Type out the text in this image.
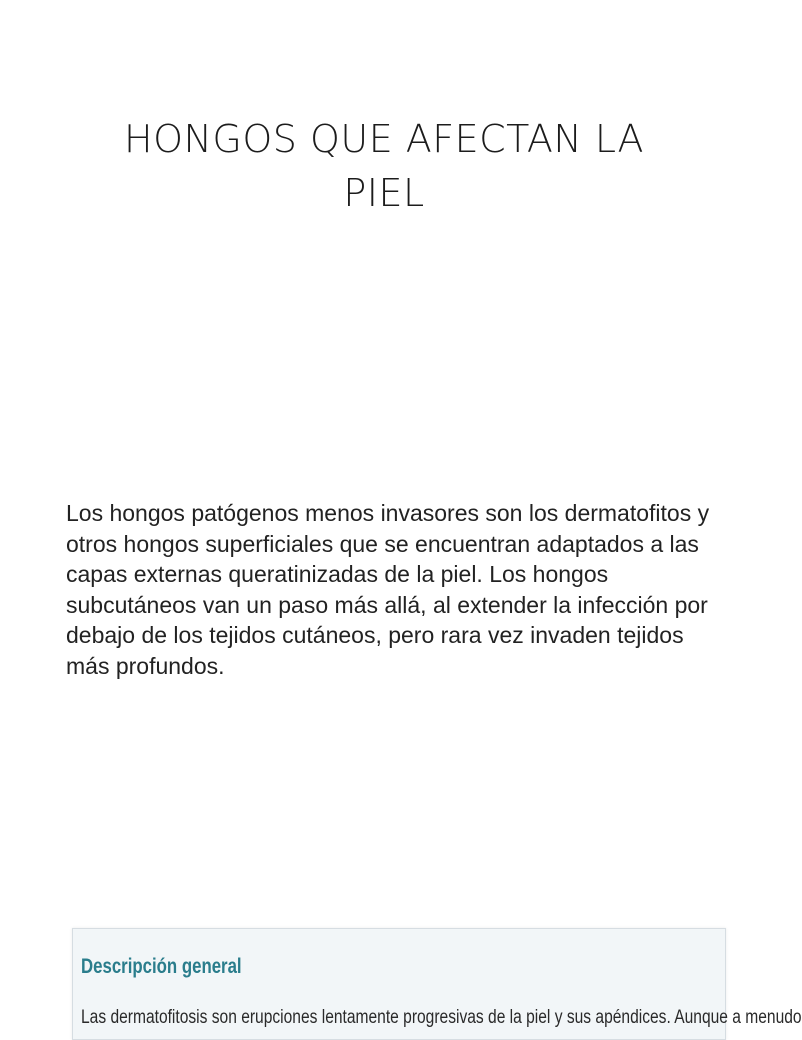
HONGOS QUE AFECTAN LA PIEL

Los hongos patógenos menos invasores son los dermatofitos y otros hongos superficiales que se encuentran adaptados a las capas externas queratinizadas de la piel. Los hongos subcutáneos van un paso más allá, al extender la infección por debajo de los tejidos cutáneos, pero rara vez invaden tejidos más profundos.

Descripción general
Las dermatofitosis son erupciones lentamente progresivas de la piel y sus apéndices. Aunque a menudo
